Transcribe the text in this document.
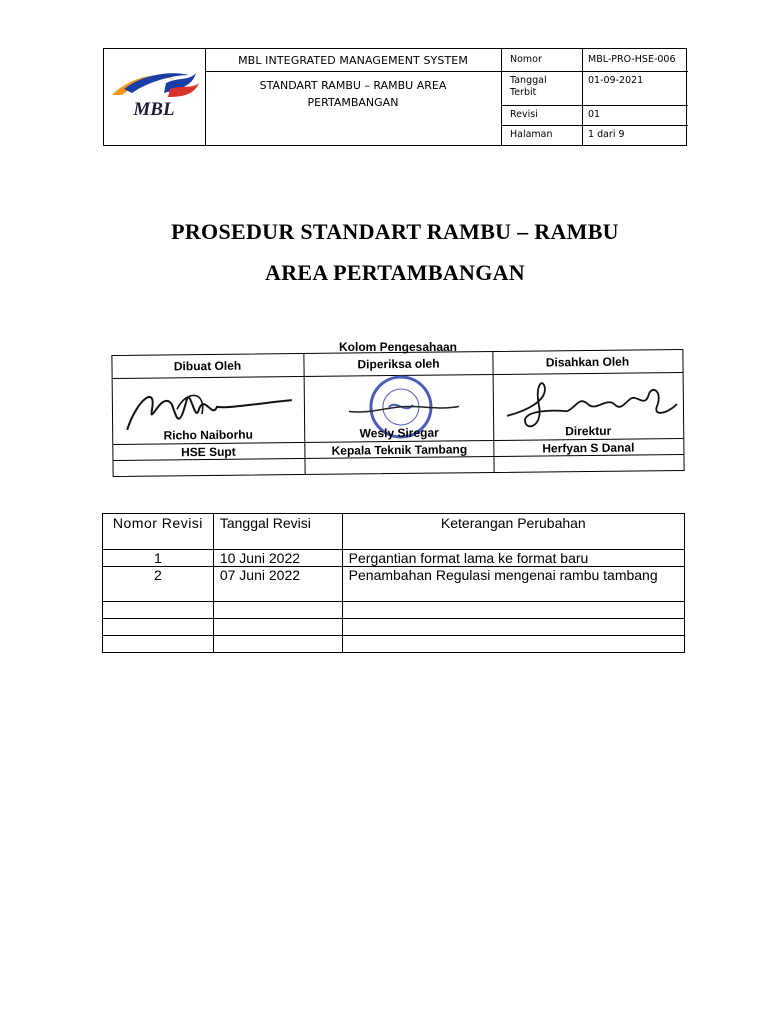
MBL
MBL INTEGRATED MANAGEMENT SYSTEM
STANDART RAMBU – RAMBU AREA PERTAMBANGAN
Nomor	MBL-PRO-HSE-006
Tanggal Terbit
01-09-2021
Revisi	01
Halaman	1 dari 9
PROSEDUR STANDART RAMBU – RAMBU
AREA PERTAMBANGAN
Kolom Pengesahaan
Dibuat Oleh	Diperiksa oleh	Disahkan Oleh
Richo Naiborhu	Wesly Siregar	Direktur
HSE Supt	Kepala Teknik Tambang	Herfyan S Danal
Nomor Revisi	Tanggal Revisi	Keterangan Perubahan
1	10 Juni 2022	Pergantian format lama ke format baru
2	07 Juni 2022	Penambahan Regulasi mengenai rambu tambang
